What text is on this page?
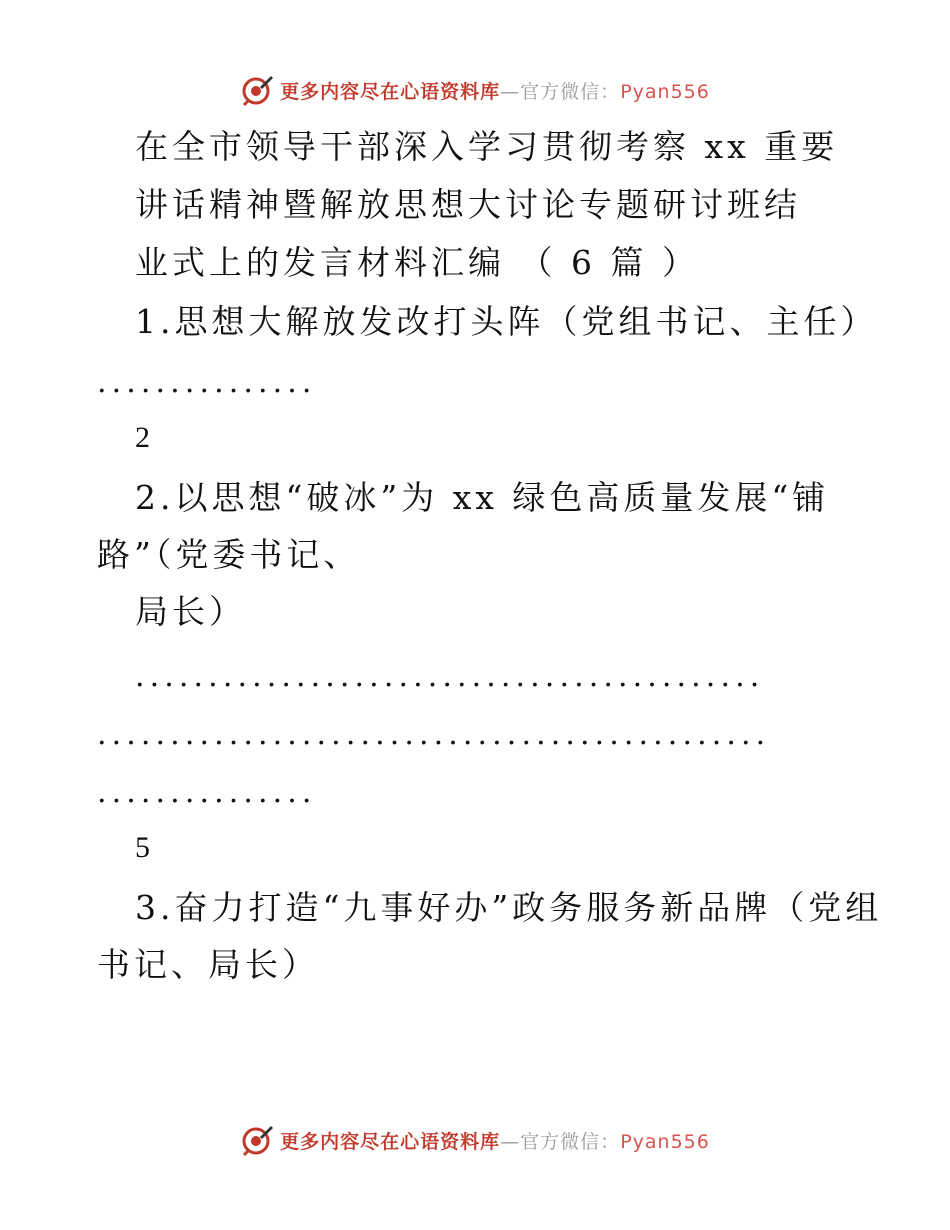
更多内容尽在心语资料库—官方微信：Pyan556
在全市领导干部深入学习贯彻考察 xx 重要
讲话精神暨解放思想大讨论专题研讨班结
业式上的发言材料汇编 （ 6 篇 ）
1.思想大解放发改打头阵（党组书记、主任）
...............
2
2.以思想“破冰”为 xx 绿色高质量发展“铺
路”（党委书记、
局长）
...........................................
..............................................
...............
5
3.奋力打造“九事好办”政务服务新品牌（党组
书记、局长）
更多内容尽在心语资料库—官方微信：Pyan556
